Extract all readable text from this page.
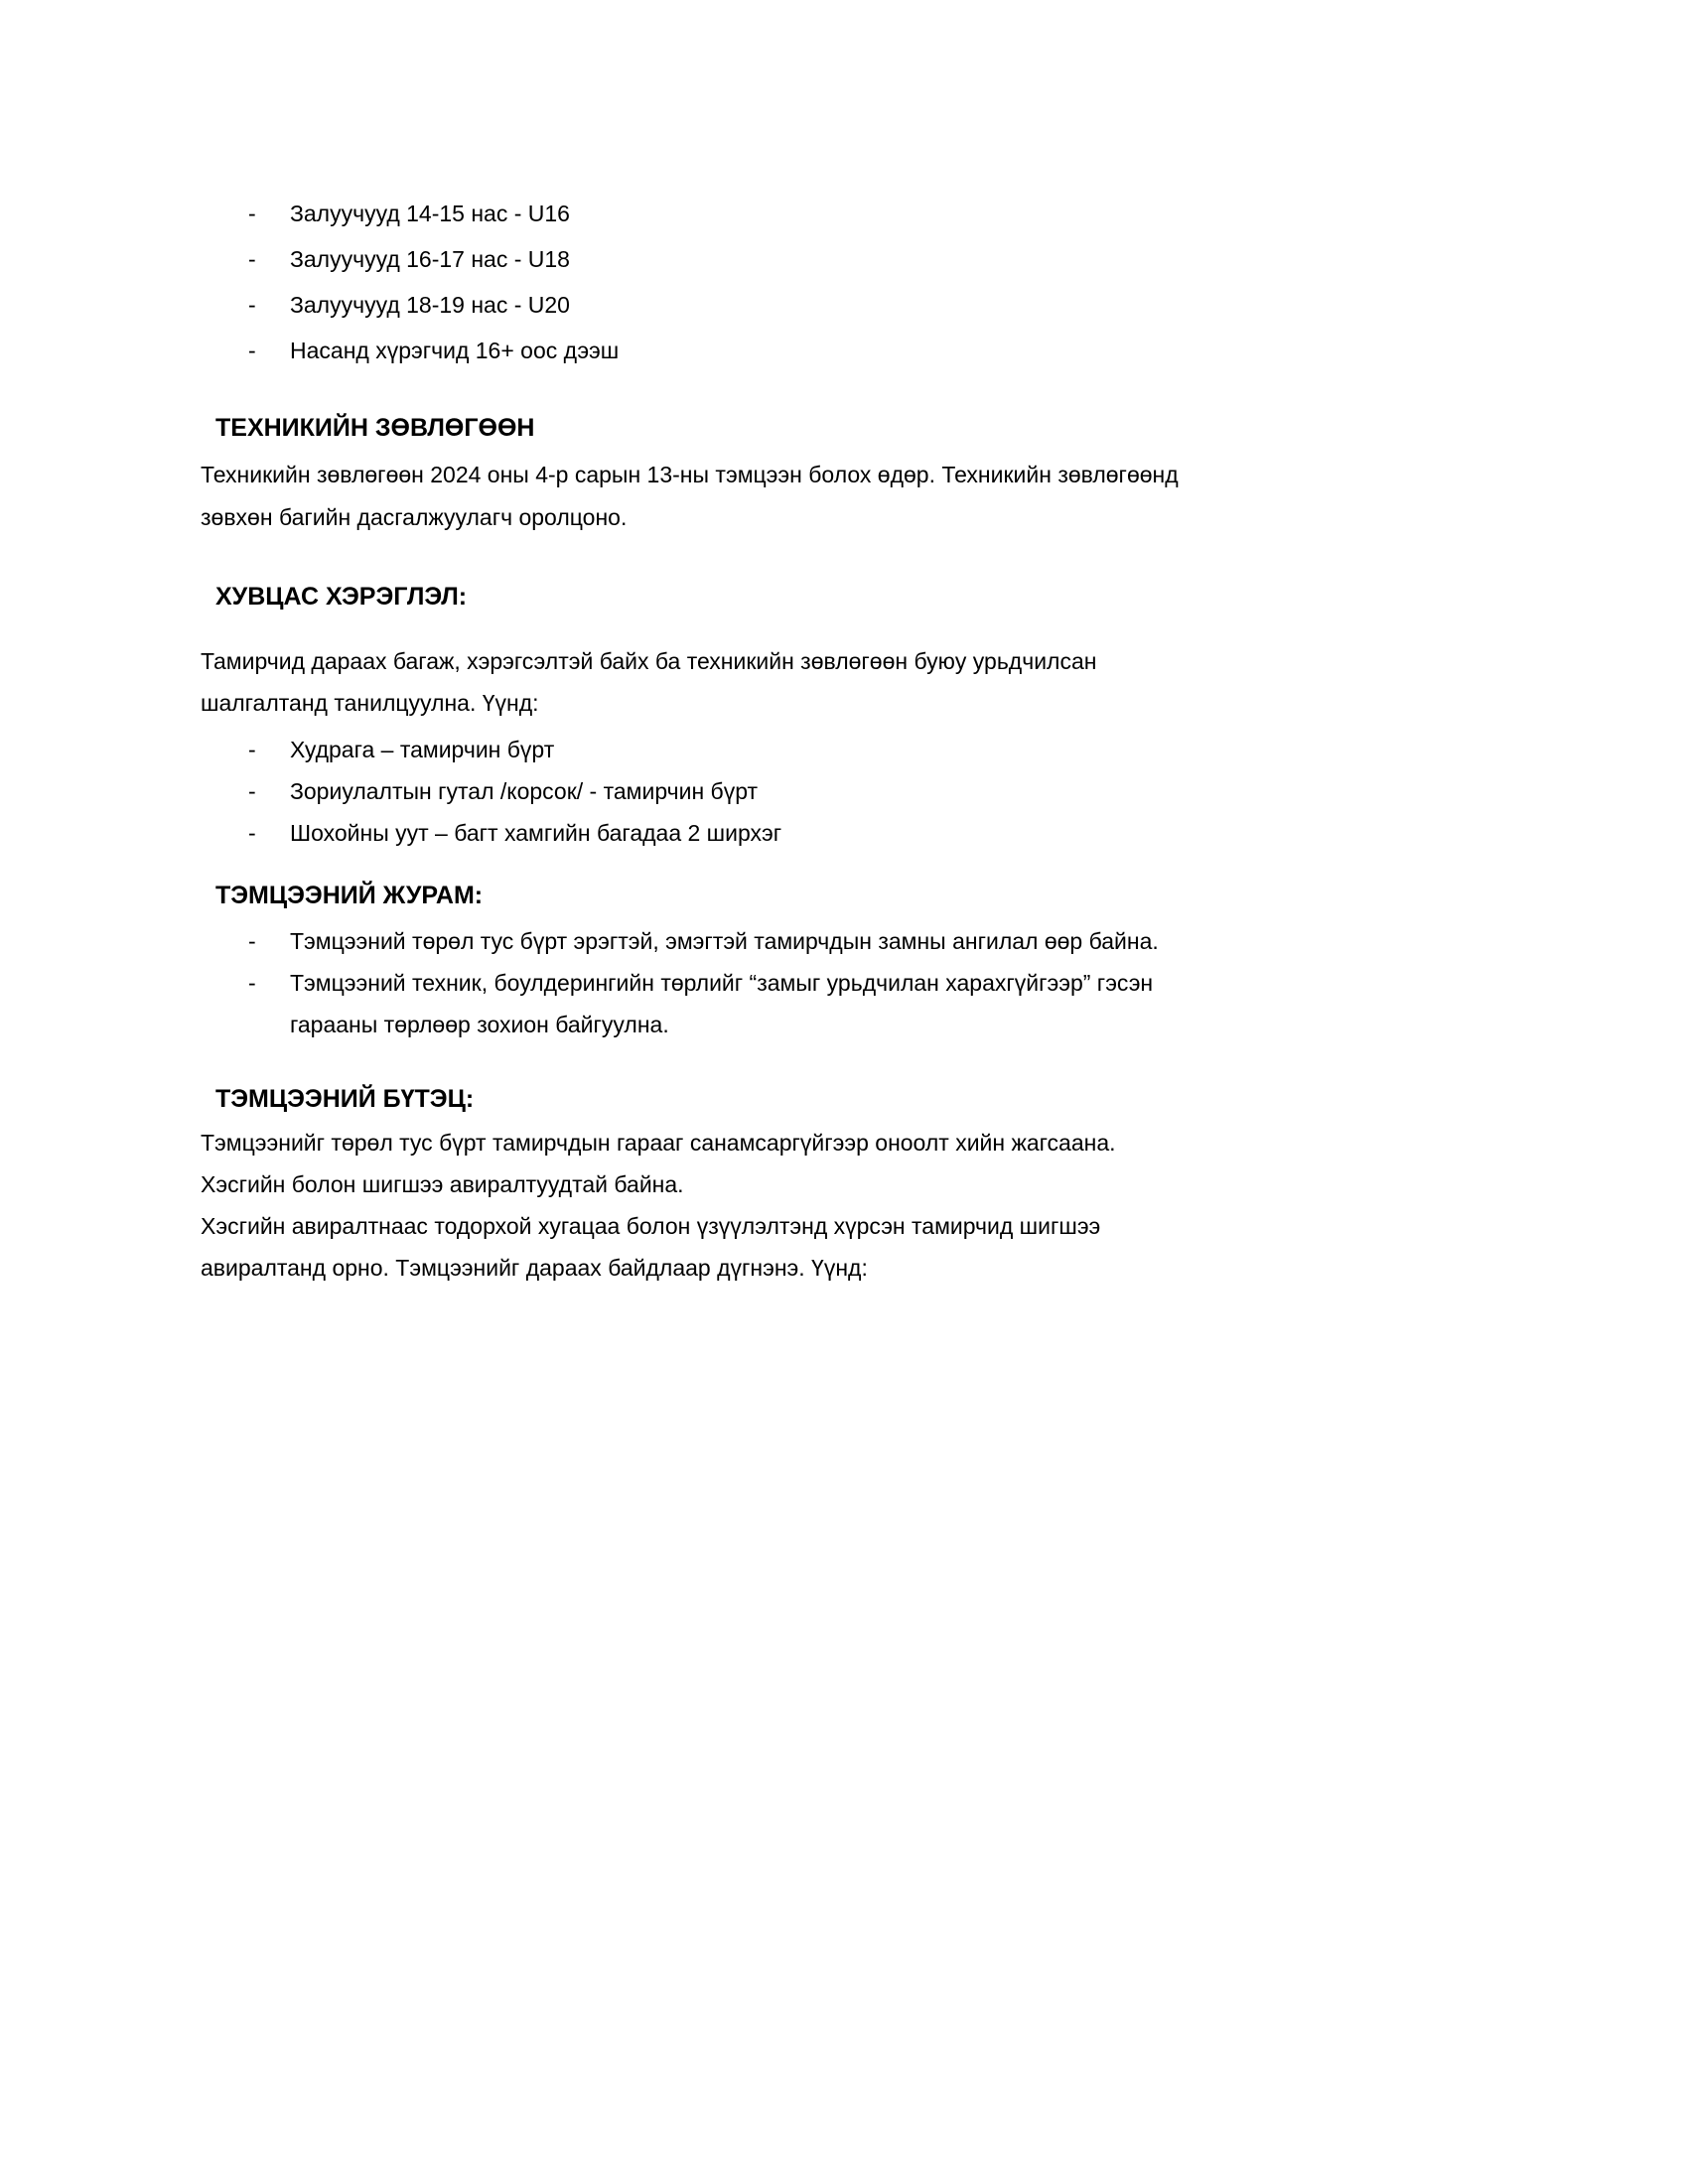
- Залуучууд 14-15 нас - U16
- Залуучууд 16-17 нас - U18
- Залуучууд 18-19 нас - U20
- Насанд хүрэгчид 16+ оос дээш
ТЕХНИКИЙН ЗӨВЛӨГӨӨН
Техникийн зөвлөгөөн 2024 оны 4-р сарын 13-ны тэмцээн болох өдөр. Техникийн зөвлөгөөнд
зөвхөн багийн дасгалжуулагч оролцоно.
ХУВЦАС ХЭРЭГЛЭЛ:
Тамирчид дараах багаж, хэрэгсэлтэй байх ба техникийн зөвлөгөөн буюу урьдчилсан
шалгалтанд танилцуулна. Үүнд:
- Худрага – тамирчин бүрт
- Зориулалтын гутал /корсок/ - тамирчин бүрт
- Шохойны уут – багт хамгийн багадаа 2 ширхэг
ТЭМЦЭЭНИЙ ЖУРАМ:
- Тэмцээний төрөл тус бүрт эрэгтэй, эмэгтэй тамирчдын замны ангилал өөр байна.
- Тэмцээний техник, боулдерингийн төрлийг “замыг урьдчилан харахгүйгээр” гэсэн
гарааны төрлөөр зохион байгуулна.
ТЭМЦЭЭНИЙ БҮТЭЦ:
Тэмцээнийг төрөл тус бүрт тамирчдын гарааг санамсаргүйгээр оноолт хийн жагсаана.
Хэсгийн болон шигшээ авиралтуудтай байна.
Хэсгийн авиралтнаас тодорхой хугацаа болон үзүүлэлтэнд хүрсэн тамирчид шигшээ
авиралтанд орно. Тэмцээнийг дараах байдлаар дүгнэнэ. Үүнд:
